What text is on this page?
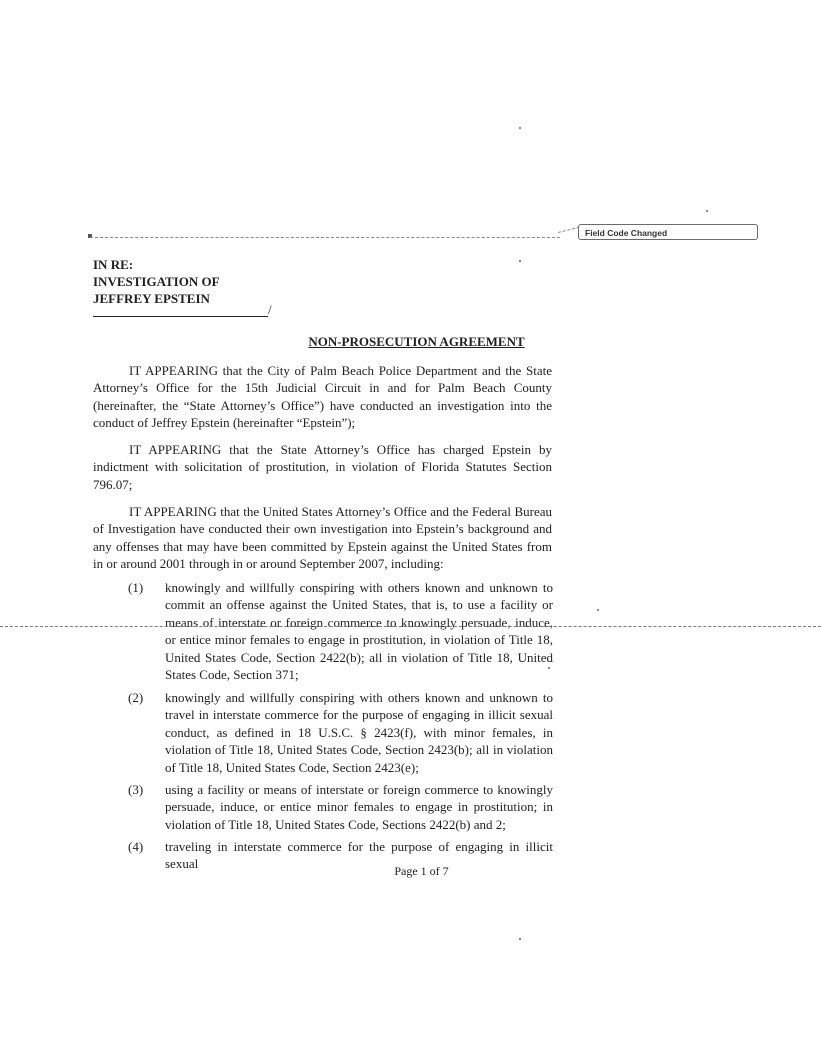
Field Code Changed
IN RE:
INVESTIGATION OF
JEFFREY EPSTEIN
/
NON-PROSECUTION AGREEMENT
IT APPEARING that the City of Palm Beach Police Department and the State Attorney’s Office for the 15th Judicial Circuit in and for Palm Beach County (hereinafter, the “State Attorney’s Office”) have conducted an investigation into the conduct of Jeffrey Epstein (hereinafter “Epstein”);
IT APPEARING that the State Attorney’s Office has charged Epstein by indictment with solicitation of prostitution, in violation of Florida Statutes Section 796.07;
IT APPEARING that the United States Attorney’s Office and the Federal Bureau of Investigation have conducted their own investigation into Epstein’s background and any offenses that may have been committed by Epstein against the United States from in or around 2001 through in or around September 2007, including:
(1)	knowingly and willfully conspiring with others known and unknown to commit an offense against the United States, that is, to use a facility or means of interstate or foreign commerce to knowingly persuade, induce, or entice minor females to engage in prostitution, in violation of Title 18, United States Code, Section 2422(b); all in violation of Title 18, United States Code, Section 371;
(2)	knowingly and willfully conspiring with others known and unknown to travel in interstate commerce for the purpose of engaging in illicit sexual conduct, as defined in 18 U.S.C. § 2423(f), with minor females, in violation of Title 18, United States Code, Section 2423(b); all in violation of Title 18, United States Code, Section 2423(e);
(3)	using a facility or means of interstate or foreign commerce to knowingly persuade, induce, or entice minor females to engage in prostitution; in violation of Title 18, United States Code, Sections 2422(b) and 2;
(4)	traveling in interstate commerce for the purpose of engaging in illicit sexual	Page 1 of 7
